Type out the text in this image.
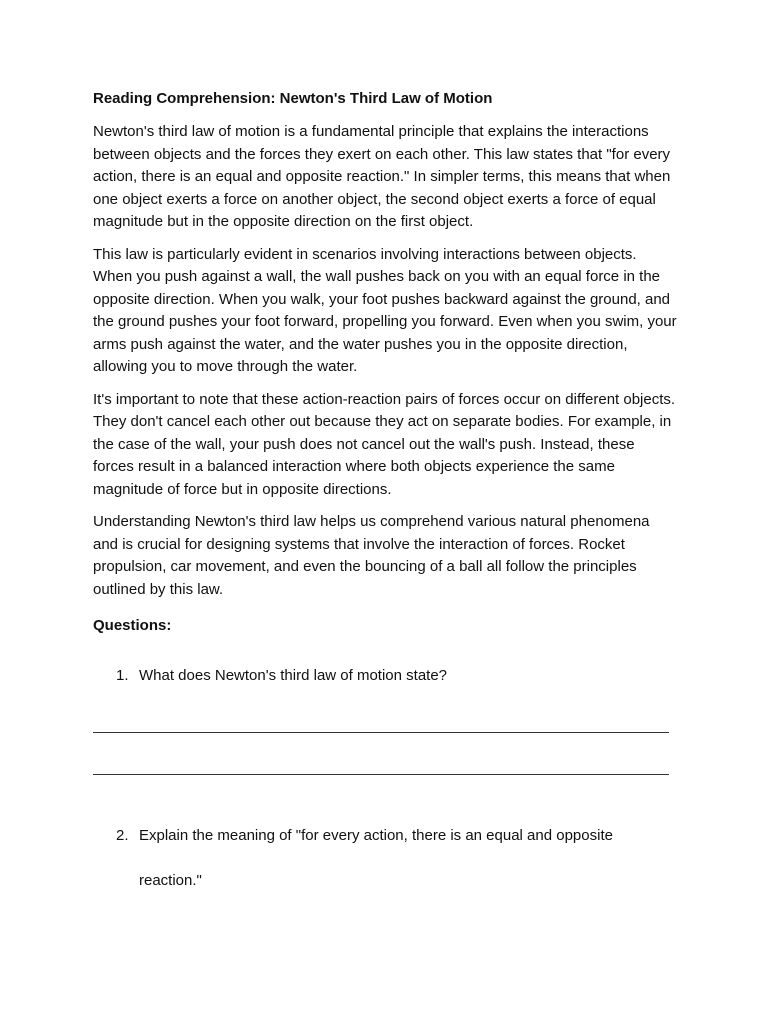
Reading Comprehension: Newton's Third Law of Motion

Newton's third law of motion is a fundamental principle that explains the interactions between objects and the forces they exert on each other. This law states that "for every action, there is an equal and opposite reaction." In simpler terms, this means that when one object exerts a force on another object, the second object exerts a force of equal magnitude but in the opposite direction on the first object.

This law is particularly evident in scenarios involving interactions between objects. When you push against a wall, the wall pushes back on you with an equal force in the opposite direction. When you walk, your foot pushes backward against the ground, and the ground pushes your foot forward, propelling you forward. Even when you swim, your arms push against the water, and the water pushes you in the opposite direction, allowing you to move through the water.

It's important to note that these action-reaction pairs of forces occur on different objects. They don't cancel each other out because they act on separate bodies. For example, in the case of the wall, your push does not cancel out the wall's push. Instead, these forces result in a balanced interaction where both objects experience the same magnitude of force but in opposite directions.

Understanding Newton's third law helps us comprehend various natural phenomena and is crucial for designing systems that involve the interaction of forces. Rocket propulsion, car movement, and even the bouncing of a ball all follow the principles outlined by this law.

Questions:
1. What does Newton's third law of motion state?
2. Explain the meaning of "for every action, there is an equal and opposite reaction."
